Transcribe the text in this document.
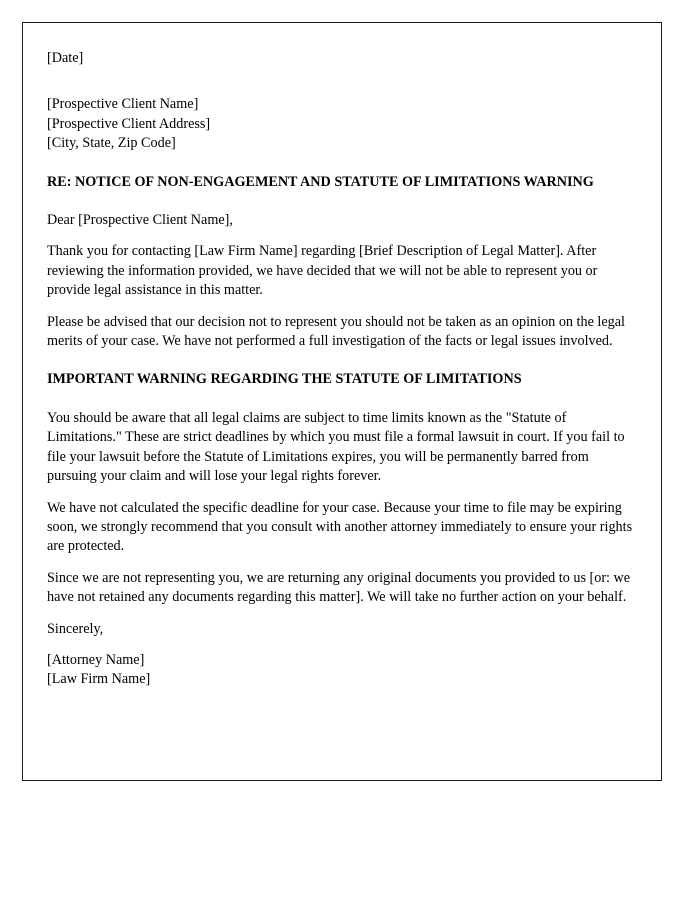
[Date]
[Prospective Client Name]
[Prospective Client Address]
[City, State, Zip Code]
RE: NOTICE OF NON-ENGAGEMENT AND STATUTE OF LIMITATIONS WARNING

Dear [Prospective Client Name],

Thank you for contacting [Law Firm Name] regarding [Brief Description of Legal Matter]. After reviewing the information provided, we have decided that we will not be able to represent you or provide legal assistance in this matter.

Please be advised that our decision not to represent you should not be taken as an opinion on the legal merits of your case. We have not performed a full investigation of the facts or legal issues involved.

IMPORTANT WARNING REGARDING THE STATUTE OF LIMITATIONS

You should be aware that all legal claims are subject to time limits known as the "Statute of Limitations." These are strict deadlines by which you must file a formal lawsuit in court. If you fail to file your lawsuit before the Statute of Limitations expires, you will be permanently barred from pursuing your claim and will lose your legal rights forever.

We have not calculated the specific deadline for your case. Because your time to file may be expiring soon, we strongly recommend that you consult with another attorney immediately to ensure your rights are protected.

Since we are not representing you, we are returning any original documents you provided to us [or: we have not retained any documents regarding this matter]. We will take no further action on your behalf.

Sincerely,

[Attorney Name]
[Law Firm Name]
